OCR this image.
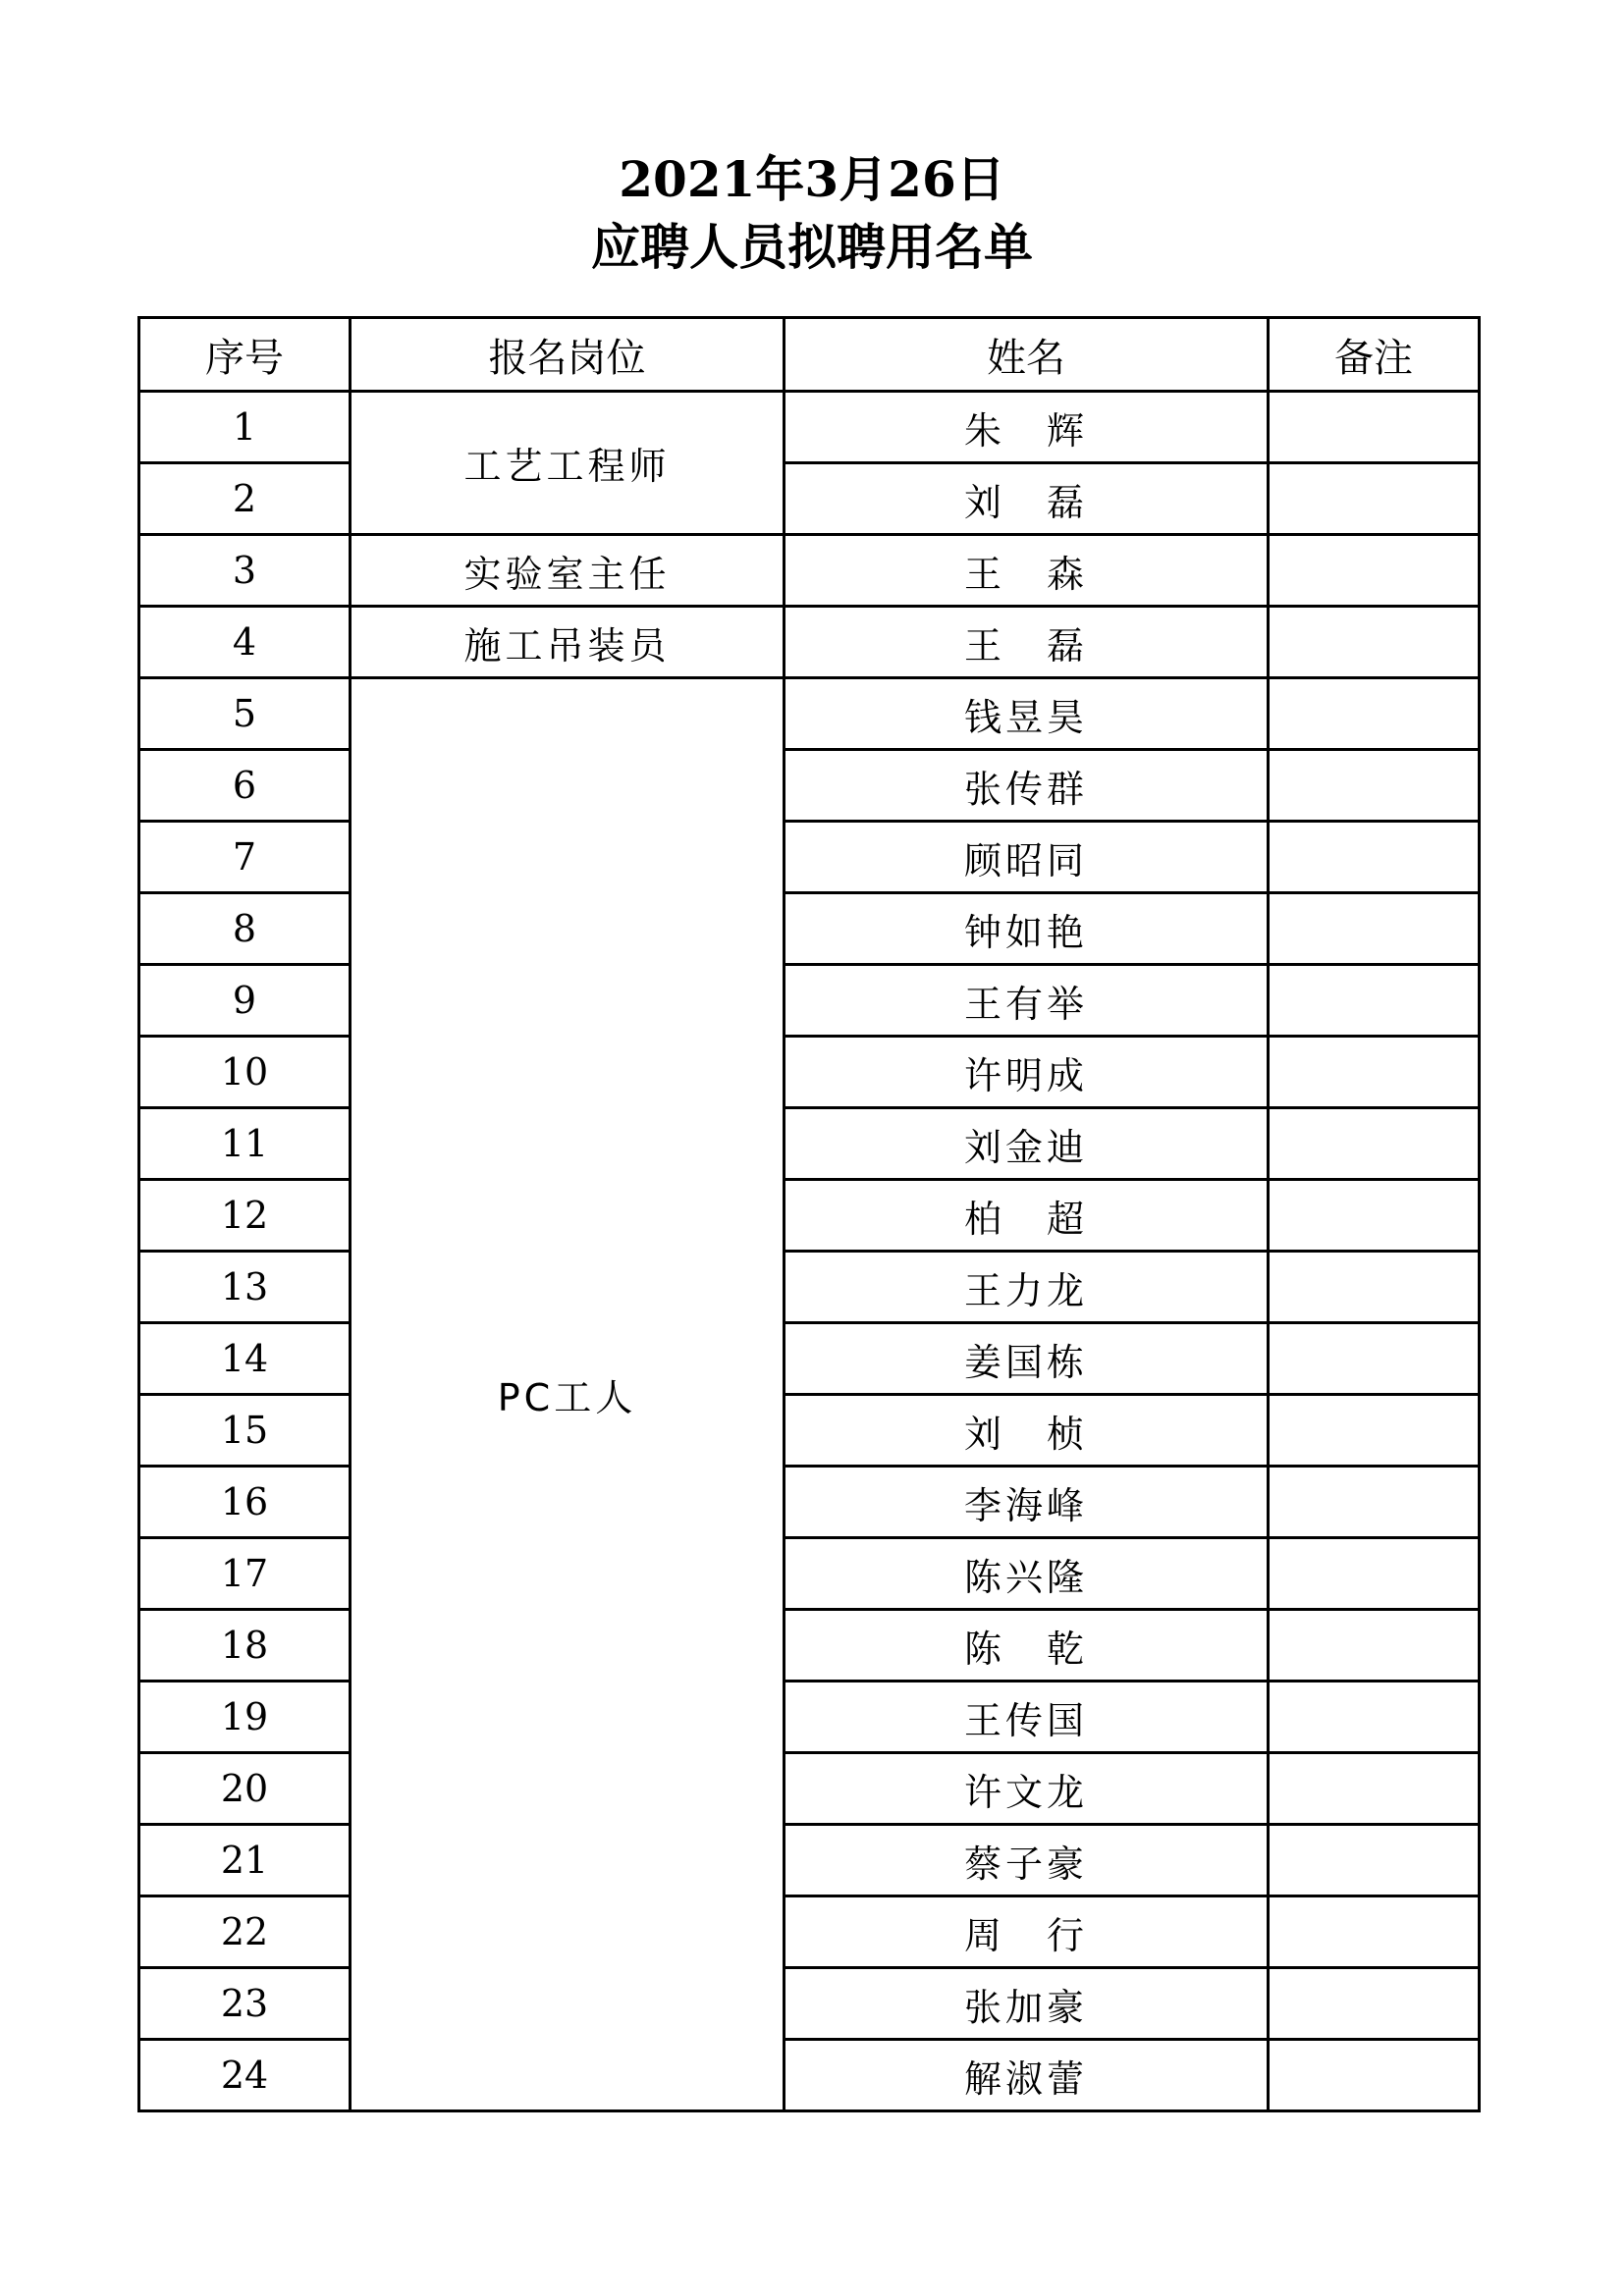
2021年3月26日
应聘人员拟聘用名单
序号	报名岗位	姓名	备注
1	工艺工程师	朱　辉	
2		刘　磊	
3	实验室主任	王　森	
4	施工吊装员	王　磊	
5	PC工人	钱昱昊	
6		张传群	
7		顾昭同	
8		钟如艳	
9		王有举	
10		许明成	
11		刘金迪	
12		柏　超	
13		王力龙	
14		姜国栋	
15		刘　桢	
16		李海峰	
17		陈兴隆	
18		陈　乾	
19		王传国	
20		许文龙	
21		蔡子豪	
22		周　行	
23		张加豪	
24		解淑蕾	
